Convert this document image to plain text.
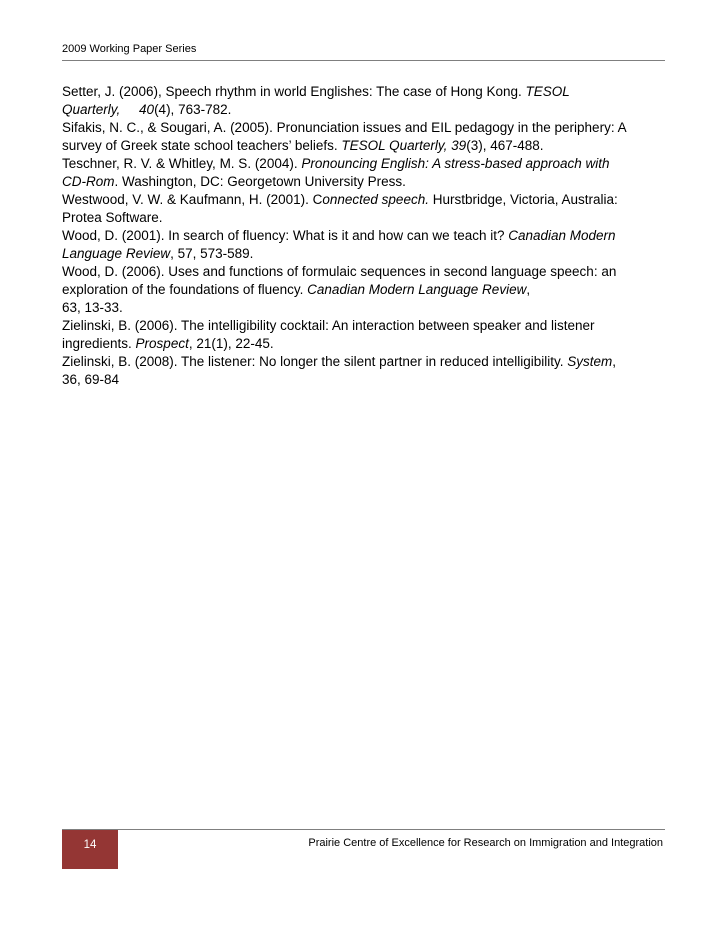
2009 Working Paper Series
Setter, J. (2006), Speech rhythm in world Englishes: The case of Hong Kong. TESOL
Quarterly, 40(4), 763-782.
Sifakis, N. C., & Sougari, A. (2005). Pronunciation issues and EIL pedagogy in the periphery: A
survey of Greek state school teachers’ beliefs. TESOL Quarterly, 39(3), 467-488.
Teschner, R. V. & Whitley, M. S. (2004). Pronouncing English: A stress-based approach with
CD-Rom. Washington, DC: Georgetown University Press.
Westwood, V. W. & Kaufmann, H. (2001). Connected speech. Hurstbridge, Victoria, Australia:
Protea Software.
Wood, D. (2001). In search of fluency: What is it and how can we teach it? Canadian Modern
Language Review, 57, 573-589.
Wood, D. (2006). Uses and functions of formulaic sequences in second language speech: an
exploration of the foundations of fluency. Canadian Modern Language Review,
63, 13-33.
Zielinski, B. (2006). The intelligibility cocktail: An interaction between speaker and listener
ingredients. Prospect, 21(1), 22-45.
Zielinski, B. (2008). The listener: No longer the silent partner in reduced intelligibility. System,
36, 69-84
14	Prairie Centre of Excellence for Research on Immigration and Integration
